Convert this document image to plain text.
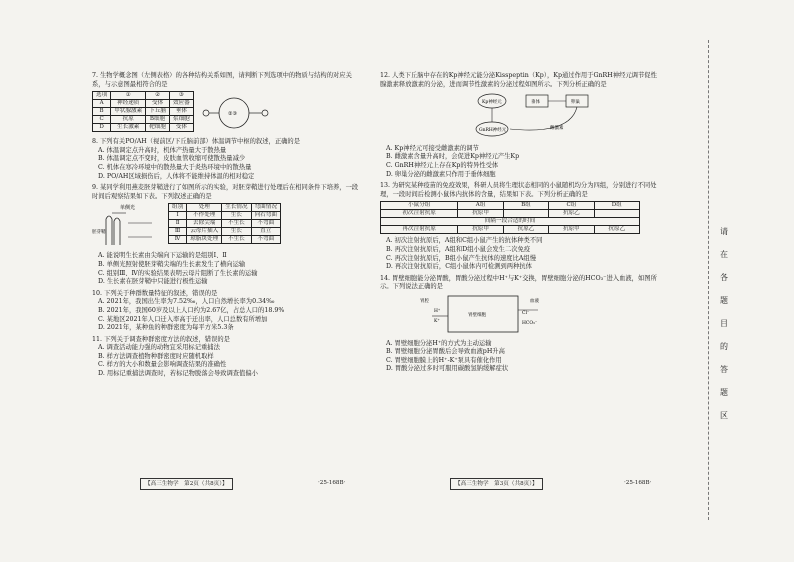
7. 生物学概念图（左侧表格）的各种结构关系如图，请判断下列选项中的物质与结构的对应关系，与示意图最相符合的是
选项	①	②	③
A	神经递质	受体	效应器
B	甲状腺激素	下丘脑	垂体
C	抗原	B细胞	浆细胞
D	生长激素	靶细胞	受体
②③
8. 下列有关PO/AH（视前区/下丘脑前部）体温调节中枢的叙述，正确的是
A. 体温调定点升高时，机体产热量大于散热量
B. 体温调定点不变时，皮肤血管收缩可使散热量减少
C. 机体在寒冷环境中的散热量大于炎热环境中的散热量
D. PO/AH区域损伤后，人体将不能维持体温的相对稳定
9. 某同学利用燕麦胚芽鞘进行了如图所示的实验，对胚芽鞘进行处理后在相同条件下培养，一段时间后观察结果如下表。下列叙述正确的是
单侧光
胚芽鞘
组别	处理	生长情况	弯曲情况
Ⅰ	不作处理	生长	向右弯曲
Ⅱ	去除尖端	不生长	不弯曲
Ⅲ	云母片插入	生长	直立
Ⅳ	琼脂块处理	不生长	不弯曲
A. 能说明生长素由尖端向下运输的是组别Ⅰ、Ⅱ
B. 单侧光照射使胚芽鞘尖端的生长素发生了横向运输
C. 组别Ⅲ、Ⅳ的实验结果表明云母片阻断了生长素的运输
D. 生长素在胚芽鞘中只能进行极性运输
10. 下列关于种群数量特征的叙述，错误的是
A. 2021年，我国出生率为7.52‰，人口自然增长率为0.34‰
B. 2021年，我国60岁及以上人口约为2.67亿，占总人口的18.9%
C. 某地区2021年人口迁入率高于迁出率，人口总数有所增加
D. 2021年，某种鱼的种群密度为每平方米5.3条
11. 下列关于调查种群密度方法的叙述，错误的是
A. 调查活动能力强的动物宜采用标记重捕法
B. 样方法调查植物种群密度时应随机取样
C. 样方的大小和数量会影响调查结果的准确性
D. 用标记重捕法调查时，若标记物脱落会导致调查值偏小
【高三生物学　第2页（共8页）】	·25-168B·
12. 人类下丘脑中存在的Kp神经元能分泌Kisspeptin（Kp），Kp通过作用于GnRH神经元调节促性腺激素释放激素的分泌，进而调节性激素的分泌过程如图所示。下列分析正确的是
Kp神经元
GnRH神经元
垂体	卵巢
雌激素
A. Kp神经元可接受雌激素的调节
B. 雌激素含量升高时，会促进Kp神经元产生Kp
C. GnRH神经元上存在Kp的特异性受体
D. 卵巢分泌的雌激素只作用于垂体细胞
13. 为研究某种疫苗的免疫效果，科研人员将生理状态相同的小鼠随机均分为四组，分别进行不同处理，一段时间后检测小鼠体内抗体的含量，结果如下表。下列分析正确的是
小鼠分组	A组	B组	C组	D组
初次注射抗原	抗原甲		抗原乙	
间隔一段合适的时间				
再次注射抗原	抗原甲	抗原乙	抗原甲	抗原乙
A. 初次注射抗原后，A组和C组小鼠产生的抗体种类不同
B. 再次注射抗原后，A组和D组小鼠会发生二次免疫
C. 再次注射抗原后，B组小鼠产生抗体的速度比A组慢
D. 再次注射抗原后，C组小鼠体内可检测到两种抗体
14. 胃壁细胞能分泌胃酸，胃酸分泌过程中H⁺与K⁺交换，胃壁细胞分泌的HCO₃⁻进入血液，如图所示。下列说法正确的是
胃腔
胃壁细胞
血液
H⁺
K⁺
Cl⁻
HCO₃⁻
A. 胃壁细胞分泌H⁺的方式为主动运输
B. 胃壁细胞分泌胃酸后会导致血液pH升高
C. 胃壁细胞膜上的H⁺-K⁺泵具有催化作用
D. 胃酸分泌过多时可服用碳酸氢钠缓解症状
【高三生物学　第3页（共8页）】	·25-168B·
请
在
各
题
目
的
答
题
区
